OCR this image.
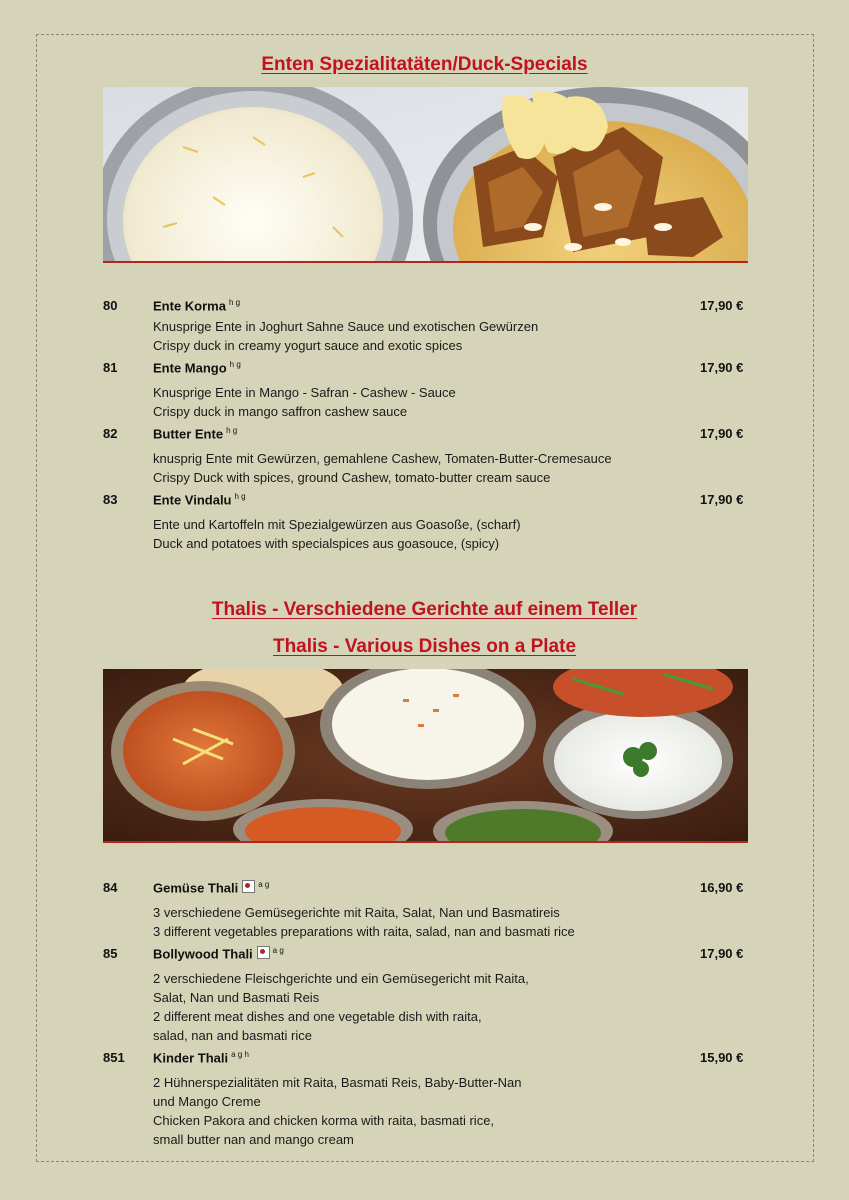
Enten Spezialitatäten/Duck-Specials
80	Ente Korma $^{h g}$	17,90 €
Knusprige Ente in Joghurt Sahne Sauce und exotischen Gewürzen
Crispy duck in creamy yogurt sauce and exotic spices
81	Ente Mango $^{h g}$	17,90 €
Knusprige Ente in Mango - Safran - Cashew - Sauce
Crispy duck in mango saffron cashew sauce
82	Butter Ente $^{h g}$	17,90 €
knusprig Ente mit Gewürzen, gemahlene Cashew, Tomaten-Butter-Cremesauce
Crispy Duck with spices, ground Cashew, tomato-butter cream sauce
83	Ente Vindalu $^{h g}$	17,90 €
Ente und Kartoffeln mit Spezialgewürzen aus Goasoße, (scharf)
Duck and potatoes with specialspices aus goasouce, (spicy)
Thalis - Verschiedene Gerichte auf einem Teller
Thalis - Various Dishes on a Plate
84	Gemüse Thali	$^{a g}$	16,90 €
3 verschiedene Gemüsegerichte mit Raita, Salat, Nan und Basmatireis
3 different vegetables preparations with raita, salad, nan and basmati rice
85	Bollywood Thali	$^{a g}$	17,90 €
2 verschiedene Fleischgerichte und ein Gemüsegericht mit Raita,
Salat, Nan und Basmati Reis
2 different meat dishes and one vegetable dish with raita,
salad, nan and basmati rice
851 Kinder Thali $^{a g h}$	15,90 €
2 Hühnerspezialitäten mit Raita, Basmati Reis, Baby-Butter-Nan
und Mango Creme
Chicken Pakora and chicken korma with raita, basmati rice,
small butter nan and mango cream
